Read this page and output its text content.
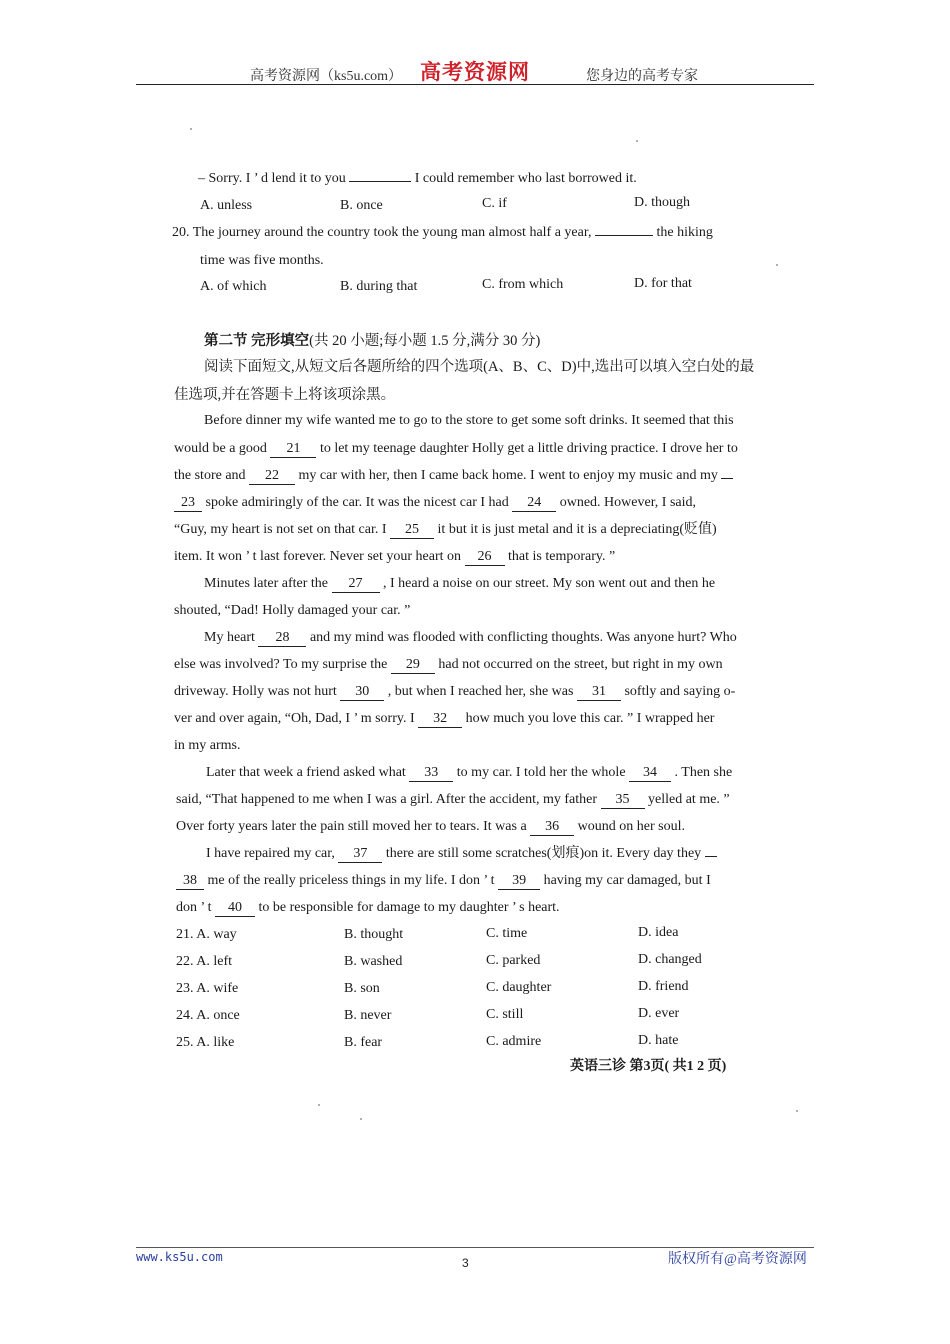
高考资源网（ks5u.com） 高考资源网	您身边的高考专家
– Sorry. I ’ d lend it to you	I could remember who last borrowed it.
A. unless	B. once	C. if	D. though
20. The journey around the country took the young man almost half a year,	the hiking
time was five months.
A. of which	B. during that	C. from which	D. for that
第二节 完形填空(共 20 小题;每小题 1.5 分,满分 30 分)
阅读下面短文,从短文后各题所给的四个选项(A、B、C、D)中,选出可以填入空白处的最
佳选项,并在答题卡上将该项涂黑。
Before dinner my wife wanted me to go to the store to get some soft drinks. It seemed that this
would be a good 21 to let my teenage daughter Holly get a little driving practice. I drove her to
the store and 22 my car with her, then I came back home. I went to enjoy my music and my
23 spoke admiringly of the car. It was the nicest car I had 24 owned. However, I said,
“Guy, my heart is not set on that car. I 25 it but it is just metal and it is a depreciating(贬值)
item. It won ’ t last forever. Never set your heart on 26 that is temporary. ”
Minutes later after the 27 , I heard a noise on our street. My son went out and then he
shouted, “Dad! Holly damaged your car. ”
My heart 28 and my mind was flooded with conflicting thoughts. Was anyone hurt? Who
else was involved? To my surprise the 29 had not occurred on the street, but right in my own
driveway. Holly was not hurt 30 , but when I reached her, she was 31 softly and saying o-
ver and over again, “Oh, Dad, I ’ m sorry. I 32 how much you love this car. ” I wrapped her
in my arms.
Later that week a friend asked what 33 to my car. I told her the whole 34 . Then she
said, “That happened to me when I was a girl. After the accident, my father 35 yelled at me. ”
Over forty years later the pain still moved her to tears. It was a 36 wound on her soul.
I have repaired my car, 37 there are still some scratches(划痕)on it. Every day they
38 me of the really priceless things in my life. I don ’ t 39 having my car damaged, but I
don ’ t 40 to be responsible for damage to my daughter ’ s heart.
21. A. way	B. thought	C. time	D. idea
22. A. left	B. washed	C. parked	D. changed
23. A. wife	B. son	C. daughter	D. friend
24. A. once	B. never	C. still	D. ever
25. A. like	B. fear	C. admire	D. hate
英语三诊 第3页( 共1 2 页)
www.ks5u.com	3	版权所有@高考资源网
